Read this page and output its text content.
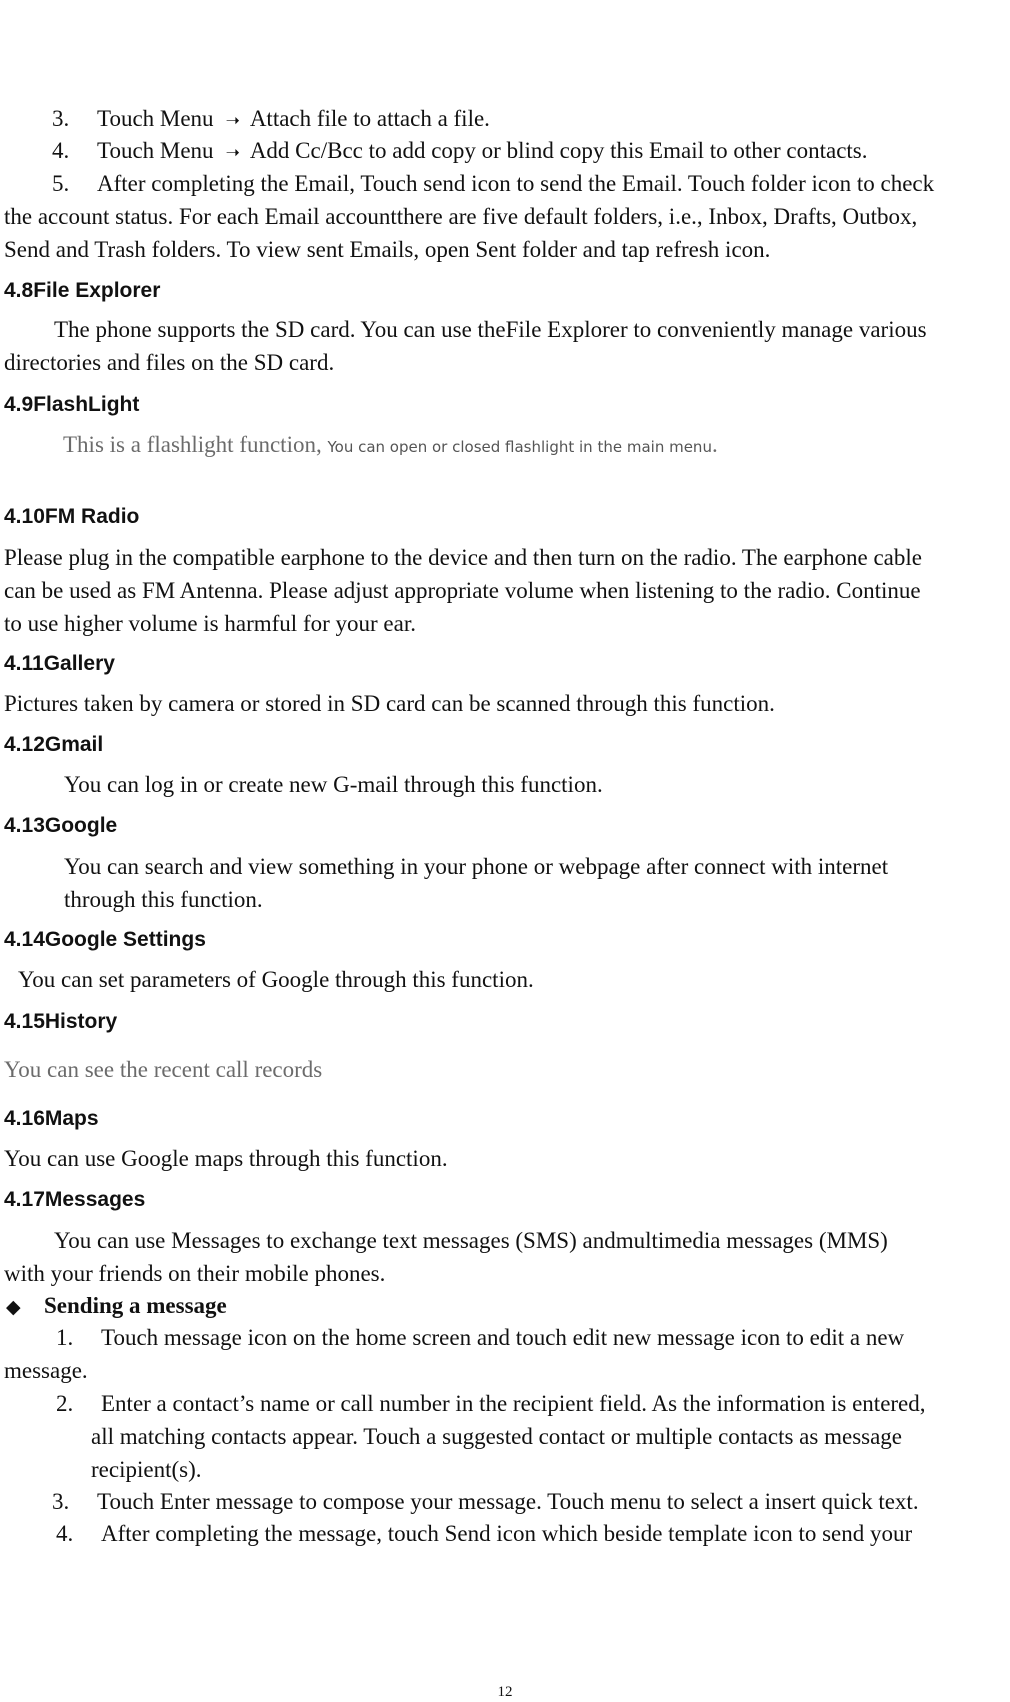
3. Touch Menu ➝ Attach file to attach a file.

4. Touch Menu ➝ Add Cc/Bcc to add copy or blind copy this Email to other contacts.

5. After completing the Email, Touch send icon to send the Email. Touch folder icon to check

the account status. For each Email accountthere are five default folders, i.e., Inbox, Drafts, Outbox,

Send and Trash folders. To view sent Emails, open Sent folder and tap refresh icon.

4.8File Explorer

The phone supports the SD card. You can use theFile Explorer to conveniently manage various

directories and files on the SD card.

4.9FlashLight

This is a flashlight function, You can open or closed flashlight in the main menu.

4.10FM Radio

Please plug in the compatible earphone to the device and then turn on the radio. The earphone cable

can be used as FM Antenna. Please adjust appropriate volume when listening to the radio. Continue

to use higher volume is harmful for your ear.

4.11Gallery

Pictures taken by camera or stored in SD card can be scanned through this function.

4.12Gmail

You can log in or create new G-mail through this function.

4.13Google

You can search and view something in your phone or webpage after connect with internet

through this function.

4.14Google Settings

You can set parameters of Google through this function.

4.15History

You can see the recent call records

4.16Maps

You can use Google maps through this function.

4.17Messages

You can use Messages to exchange text messages (SMS) andmultimedia messages (MMS)

with your friends on their mobile phones.

◆ Sending a message

1. Touch message icon on the home screen and touch edit new message icon to edit a new

message.

2. Enter a contact’s name or call number in the recipient field. As the information is entered,

all matching contacts appear. Touch a suggested contact or multiple contacts as message

recipient(s).

3. Touch Enter message to compose your message. Touch menu to select a insert quick text.

4. After completing the message, touch Send icon which beside template icon to send your

12
